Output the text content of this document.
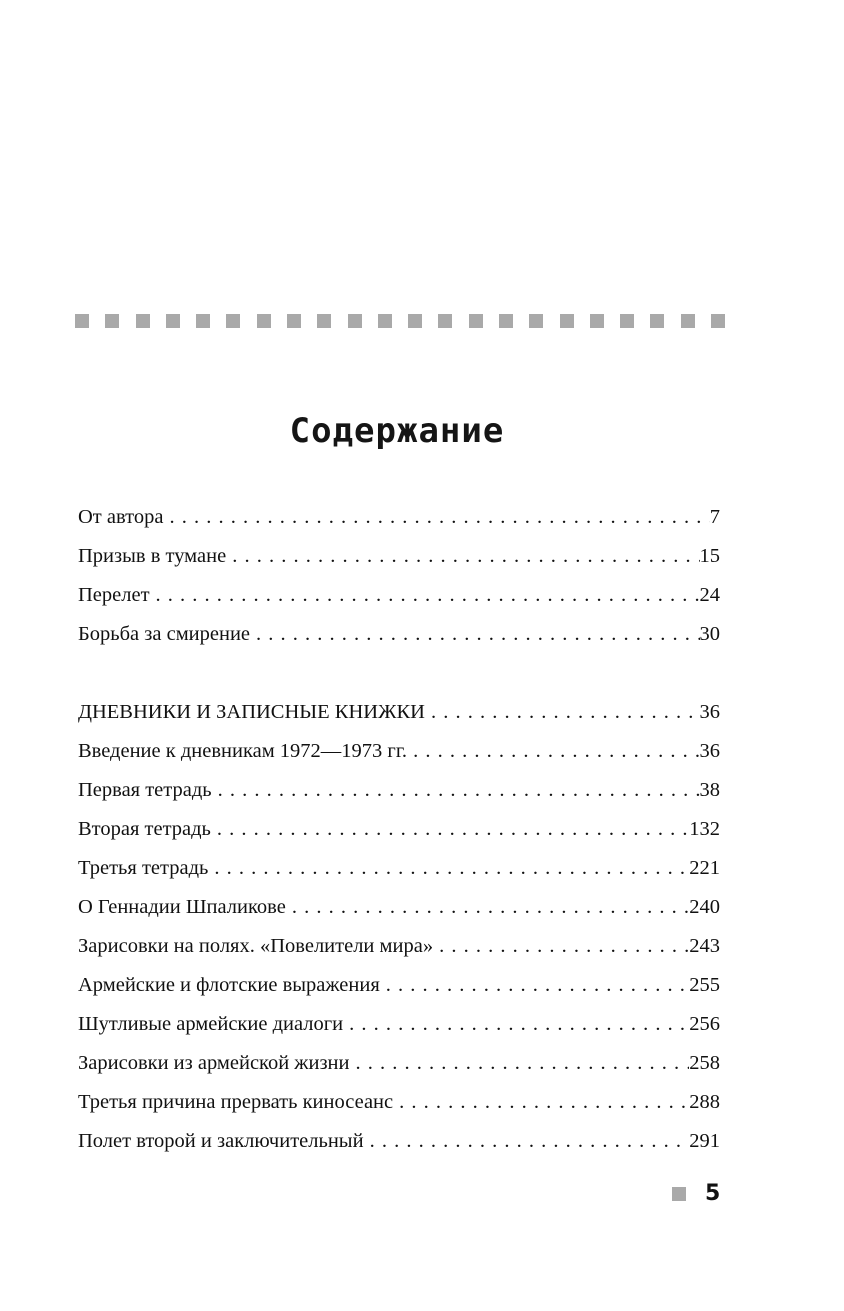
Содержание
От автора . . .	7
Призыв в тумане . . .	15
Перелет . . .	24
Борьба за смирение . . .	30
ДНЕВНИКИ И ЗАПИСНЫЕ КНИЖКИ . . .	36
Введение к дневникам 1972—1973 гг. . . .	36
Первая тетрадь . . .	38
Вторая тетрадь . . .	132
Третья тетрадь . . .	221
О Геннадии Шпаликове . . .	240
Зарисовки на полях. «Повелители мира» . . .	243
Армейские и флотские выражения . . .	255
Шутливые армейские диалоги . . .	256
Зарисовки из армейской жизни . . .	258
Третья причина прервать киносеанс . . .	288
Полет второй и заключительный . . .	291
5
